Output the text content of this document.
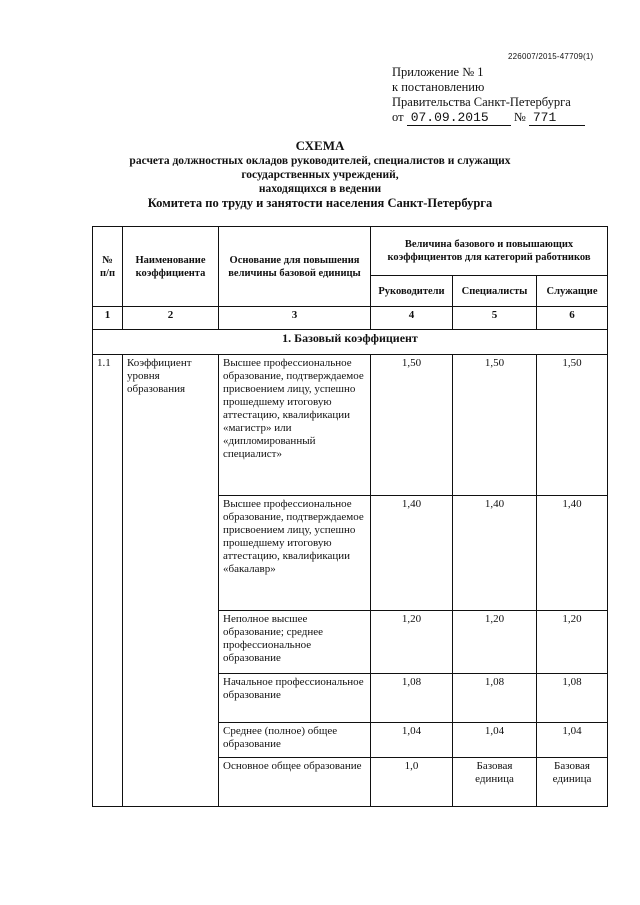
226007/2015-47709(1)
Приложение № 1
к постановлению
Правительства Санкт-Петербурга
от 07.09.2015 № 771
СХЕМА
расчета должностных окладов руководителей, специалистов и служащих
государственных учреждений,
находящихся в ведении
Комитета по труду и занятости населения Санкт-Петербурга
№ п/п	Наименование коэффициента	Основание для повышения величины базовой единицы	Величина базового и повышающих коэффициентов для категорий работников		
			Руководители	Специалисты	Служащие
1	2	3	4	5	6
1. Базовый коэффициент					
1.1	Коэффициент уровня образования	Высшее профессиональное образование, подтверждаемое присвоением лицу, успешно прошедшему итоговую аттестацию, квалификации «магистр» или «дипломированный специалист»	1,50	1,50	1,50
		Высшее профессиональное образование, подтверждаемое присвоением лицу, успешно прошедшему итоговую аттестацию, квалификации «бакалавр»	1,40	1,40	1,40
		Неполное высшее образование; среднее профессиональное образование	1,20	1,20	1,20
		Начальное профессиональное образование	1,08	1,08	1,08
		Среднее (полное) общее образование	1,04	1,04	1,04
		Основное общее образование	1,0	Базовая единица	Базовая единица
